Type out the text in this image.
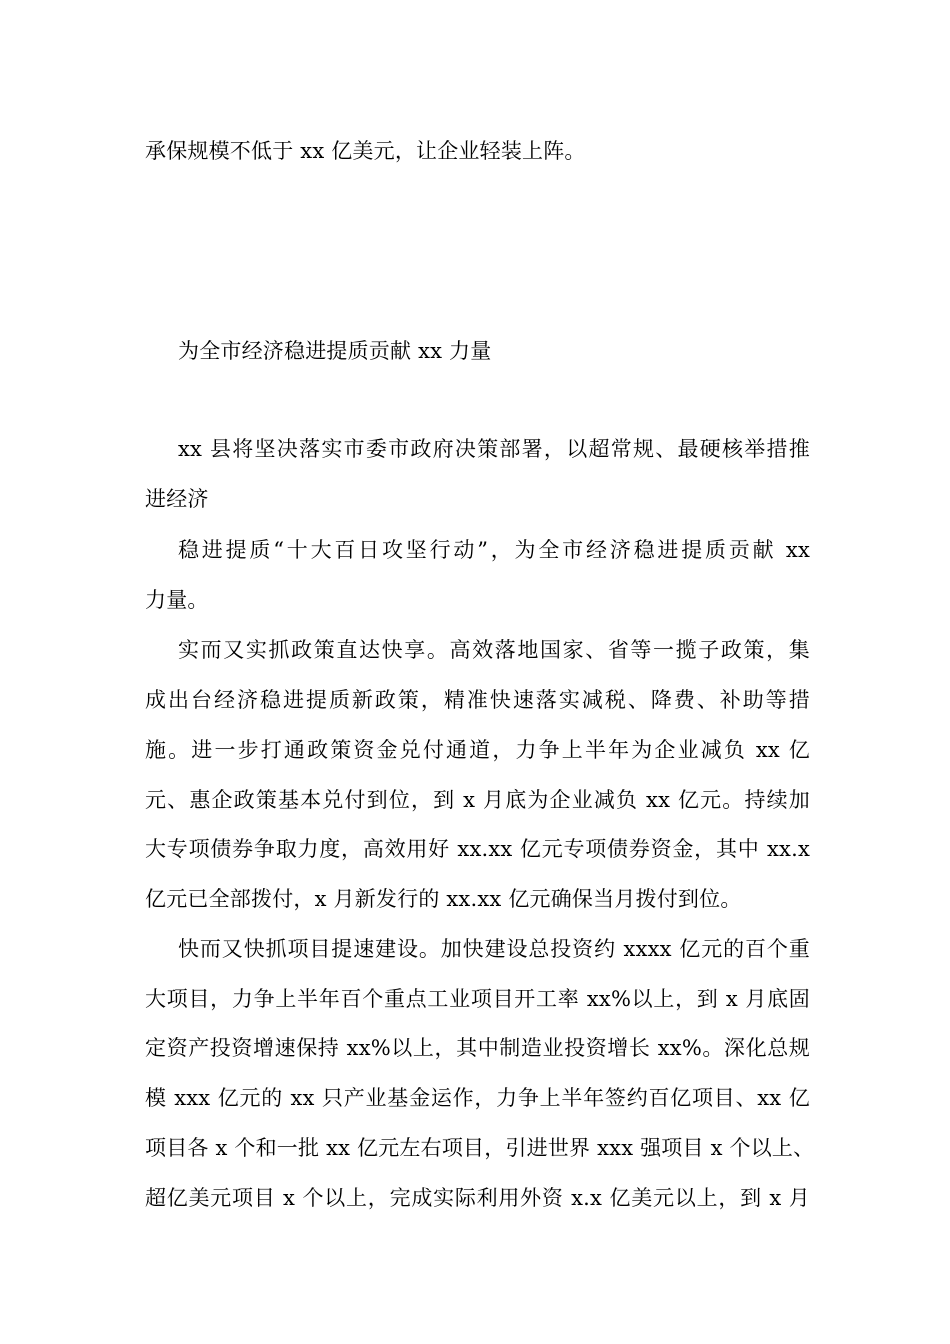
承保规模不低于 xx 亿美元，让企业轻装上阵。
为全市经济稳进提质贡献 xx 力量
xx 县将坚决落实市委市政府决策部署，以超常规、最硬核举措推
进经济
稳进提质“十大百日攻坚行动”，为全市经济稳进提质贡献 xx
力量。
实而又实抓政策直达快享。高效落地国家、省等一揽子政策，集
成出台经济稳进提质新政策，精准快速落实减税、降费、补助等措
施。进一步打通政策资金兑付通道，力争上半年为企业减负 xx 亿
元、惠企政策基本兑付到位，到 x 月底为企业减负 xx 亿元。持续加
大专项债券争取力度，高效用好 xx.xx 亿元专项债券资金，其中 xx.x
亿元已全部拨付，x 月新发行的 xx.xx 亿元确保当月拨付到位。
快而又快抓项目提速建设。加快建设总投资约 xxxx 亿元的百个重
大项目，力争上半年百个重点工业项目开工率 xx%以上，到 x 月底固
定资产投资增速保持 xx%以上，其中制造业投资增长 xx%。深化总规
模 xxx 亿元的 xx 只产业基金运作，力争上半年签约百亿项目、xx 亿
项目各 x 个和一批 xx 亿元左右项目，引进世界 xxx 强项目 x 个以上、
超亿美元项目 x 个以上，完成实际利用外资 x.x 亿美元以上，到 x 月
